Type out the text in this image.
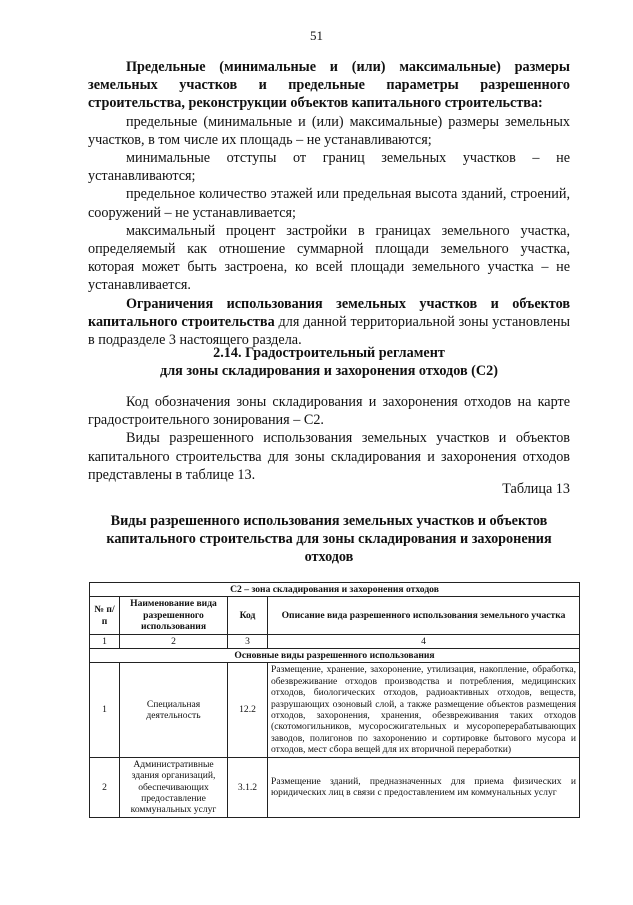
51

Предельные (минимальные и (или) максимальные) размеры земельных участков и предельные параметры разрешенного строительства, реконструкции объектов капитального строительства:

предельные (минимальные и (или) максимальные) размеры земельных участков, в том числе их площадь – не устанавливаются;

минимальные отступы от границ земельных участков – не устанавливаются;

предельное количество этажей или предельная высота зданий, строений, сооружений – не устанавливается;

максимальный процент застройки в границах земельного участка, определяемый как отношение суммарной площади земельного участка, которая может быть застроена, ко всей площади земельного участка – не устанавливается.

Ограничения использования земельных участков и объектов капитального строительства для данной территориальной зоны установлены в подразделе 3 настоящего раздела.

2.14. Градостроительный регламент
для зоны складирования и захоронения отходов (С2)

Код обозначения зоны складирования и захоронения отходов на карте градостроительного зонирования – С2.

Виды разрешенного использования земельных участков и объектов капитального строительства для зоны складирования и захоронения отходов представлены в таблице 13.

Таблица 13
Виды разрешенного использования земельных участков и объектов капитального строительства для зоны складирования и захоронения отходов
С2 – зона складирования и захоронения отходов			
№ п/п	Наименование вида разрешенного использования	Код	Описание вида разрешенного использования земельного участка
1	2	3	4
Основные виды разрешенного использования			
1	Специальная деятельность	12.2	Размещение, хранение, захоронение, утилизация, накопление, обработка, обезвреживание отходов производства и потребления, медицинских отходов, биологических отходов, радиоактивных отходов, веществ, разрушающих озоновый слой, а также размещение объектов размещения отходов, захоронения, хранения, обезвреживания таких отходов (скотомогильников, мусоросжигательных и мусороперерабатывающих заводов, полигонов по захоронению и сортировке бытового мусора и отходов, мест сбора вещей для их вторичной переработки)
2	Административные здания организаций, обеспечивающих предоставление коммунальных услуг	3.1.2	Размещение зданий, предназначенных для приема физических и юридических лиц в связи с предоставлением им коммунальных услуг
